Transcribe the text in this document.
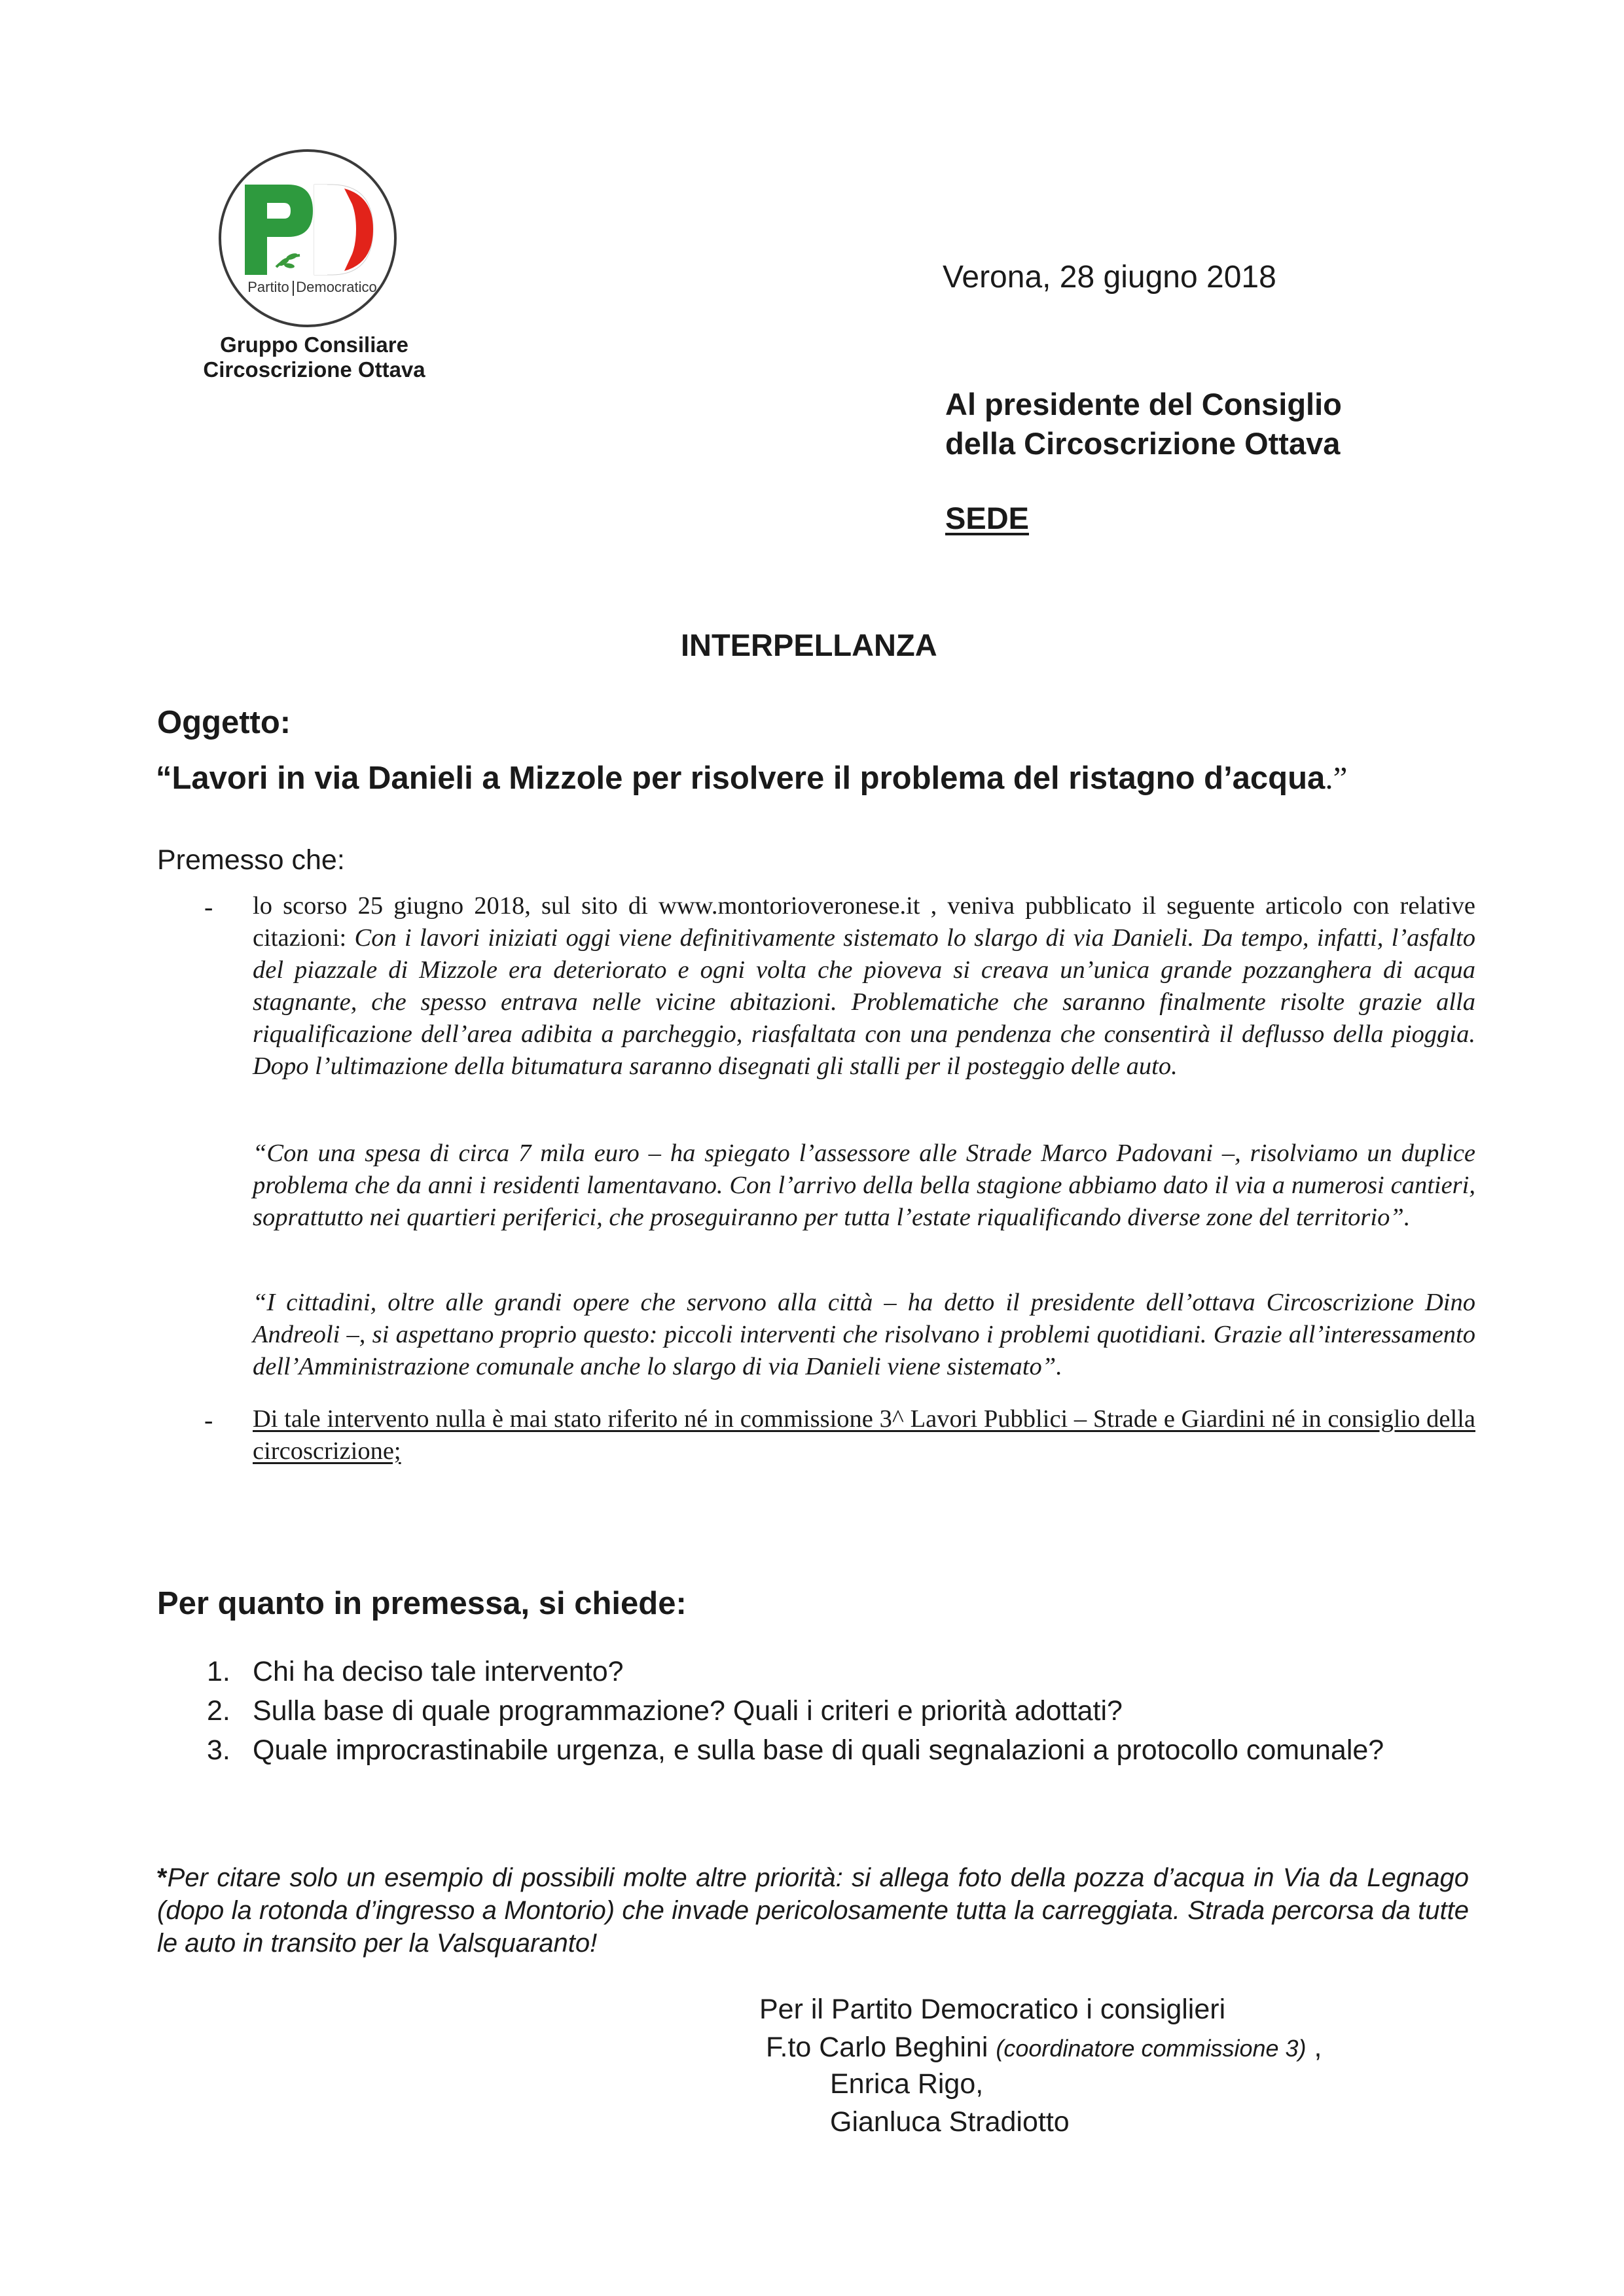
Partito Democratico
Gruppo Consiliare
Circoscrizione Ottava
Verona, 28 giugno 2018
Al presidente del Consiglio
della Circoscrizione Ottava
SEDE
INTERPELLANZA
Oggetto:
“Lavori in via Danieli a Mizzole per risolvere il problema del ristagno d’acqua.”
Premesso che:
- lo scorso 25 giugno 2018, sul sito di www.montorioveronese.it , veniva pubblicato il seguente articolo con relative citazioni: Con i lavori iniziati oggi viene definitivamente sistemato lo slargo di via Danieli. Da tempo, infatti, l’asfalto del piazzale di Mizzole era deteriorato e ogni volta che pioveva si creava un’unica grande pozzanghera di acqua stagnante, che spesso entrava nelle vicine abitazioni. Problematiche che saranno finalmente risolte grazie alla riqualificazione dell’area adibita a parcheggio, riasfaltata con una pendenza che consentirà il deflusso della pioggia. Dopo l’ultimazione della bitumatura saranno disegnati gli stalli per il posteggio delle auto.
“Con una spesa di circa 7 mila euro – ha spiegato l’assessore alle Strade Marco Padovani –, risolviamo un duplice problema che da anni i residenti lamentavano. Con l’arrivo della bella stagione abbiamo dato il via a numerosi cantieri, soprattutto nei quartieri periferici, che proseguiranno per tutta l’estate riqualificando diverse zone del territorio”.
“I cittadini, oltre alle grandi opere che servono alla città – ha detto il presidente dell’ottava Circoscrizione Dino Andreoli –, si aspettano proprio questo: piccoli interventi che risolvano i problemi quotidiani. Grazie all’interessamento dell’Amministrazione comunale anche lo slargo di via Danieli viene sistemato”.
- Di tale intervento nulla è mai stato riferito né in commissione 3^ Lavori Pubblici – Strade e Giardini né in consiglio della circoscrizione;
Per quanto in premessa, si chiede:
1. Chi ha deciso tale intervento?
2. Sulla base di quale programmazione? Quali i criteri e priorità adottati?
3. Quale improcrastinabile urgenza, e sulla base di quali segnalazioni a protocollo comunale?
*Per citare solo un esempio di possibili molte altre priorità: si allega foto della pozza d’acqua in Via da Legnago (dopo la rotonda d’ingresso a Montorio) che invade pericolosamente tutta la carreggiata. Strada percorsa da tutte le auto in transito per la Valsquaranto!
Per il Partito Democratico i consiglieri
F.to Carlo Beghini (coordinatore commissione 3) ,
Enrica Rigo,
Gianluca Stradiotto
